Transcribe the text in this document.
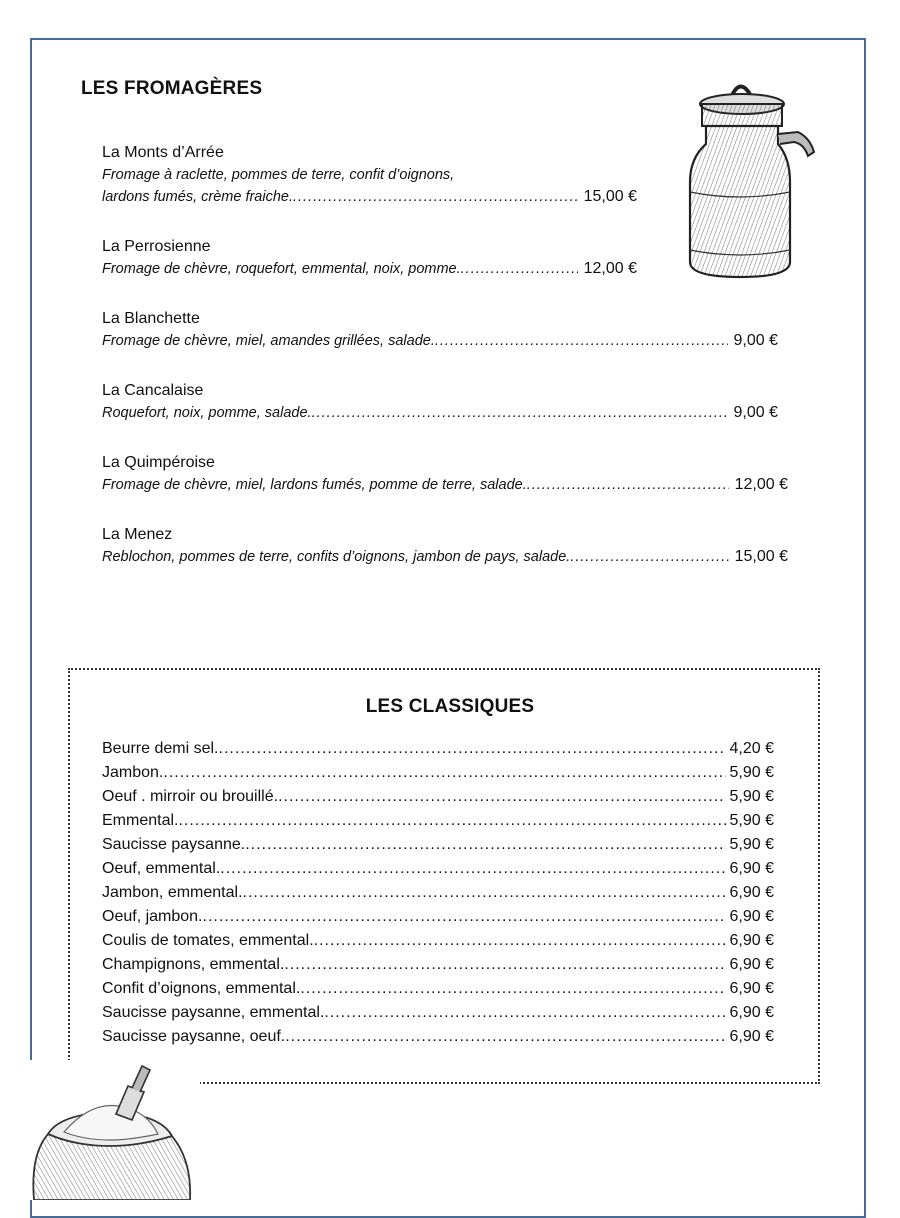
LES FROMAGÈRES
La Monts d’Arrée
Fromage à raclette, pommes de terre, confit d’oignons,
lardons fumés, crème fraiche. .....	15,00 €
La Perrosienne
Fromage de chèvre, roquefort, emmental, noix, pomme. .....	12,00 €
La Blanchette
Fromage de chèvre, miel, amandes grillées, salade. .....	9,00 €
La Cancalaise
Roquefort, noix, pomme, salade. .....	9,00 €
La Quimpéroise
Fromage de chèvre, miel, lardons fumés, pomme de terre, salade. .....	12,00 €
La Menez
Reblochon, pommes de terre, confits d’oignons, jambon de pays, salade. .....	15,00 €
LES CLASSIQUES
Beurre demi sel. .....	4,20 €
Jambon. .....	5,90 €
Oeuf . mirroir ou brouillé. .....	5,90 €
Emmental. .....	5,90 €
Saucisse paysanne. .....	5,90 €
Oeuf, emmental. .....	6,90 €
Jambon, emmental. .....	6,90 €
Oeuf, jambon. .....	6,90 €
Coulis de tomates, emmental. .....	6,90 €
Champignons, emmental. .....	6,90 €
Confit d’oignons, emmental. .....	6,90 €
Saucisse paysanne, emmental. .....	6,90 €
Saucisse paysanne, oeuf. .....	6,90 €
